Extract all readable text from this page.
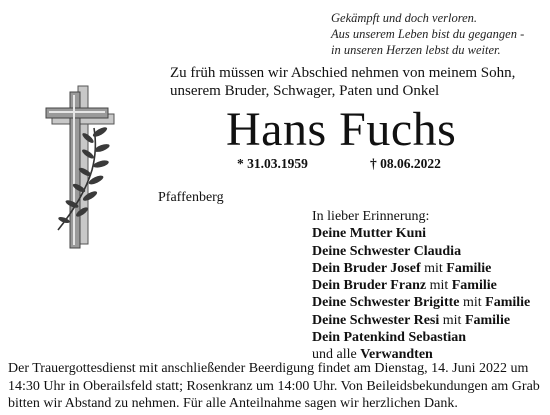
Gekämpft und doch verloren.
Aus unserem Leben bist du gegangen -
in unseren Herzen lebst du weiter.
Zu früh müssen wir Abschied nehmen von meinem Sohn,
unserem Bruder, Schwager, Paten und Onkel
Hans Fuchs
* 31.03.1959	† 08.06.2022
Pfaffenberg
In lieber Erinnerung:
Deine Mutter Kuni
Deine Schwester Claudia
Dein Bruder Josef mit Familie
Dein Bruder Franz mit Familie
Deine Schwester Brigitte mit Familie
Deine Schwester Resi mit Familie
Dein Patenkind Sebastian
und alle Verwandten
Der Trauergottesdienst mit anschließender Beerdigung findet am Dienstag, 14. Juni 2022 um
14:30 Uhr in Oberailsfeld statt; Rosenkranz um 14:00 Uhr. Von Beileidsbekundungen am Grab
bitten wir Abstand zu nehmen. Für alle Anteilnahme sagen wir herzlichen Dank.
